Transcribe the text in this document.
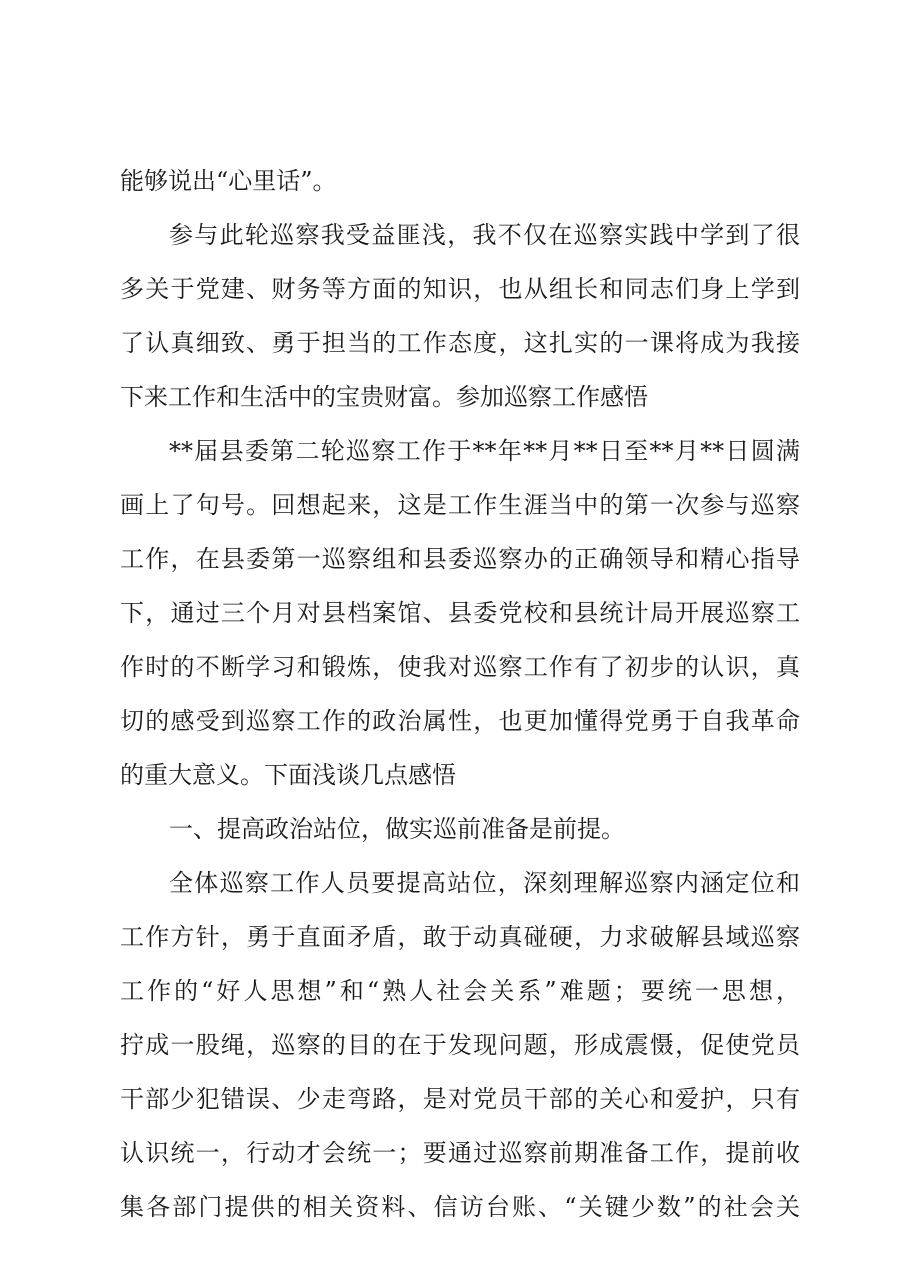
能够说出“心里话”。
参与此轮巡察我受益匪浅，我不仅在巡察实践中学到了很
多关于党建、财务等方面的知识，也从组长和同志们身上学到
了认真细致、勇于担当的工作态度，这扎实的一课将成为我接
下来工作和生活中的宝贵财富。参加巡察工作感悟
**届县委第二轮巡察工作于**年**月**日至**月**日圆满
画上了句号。回想起来，这是工作生涯当中的第一次参与巡察
工作，在县委第一巡察组和县委巡察办的正确领导和精心指导
下，通过三个月对县档案馆、县委党校和县统计局开展巡察工
作时的不断学习和锻炼，使我对巡察工作有了初步的认识，真
切的感受到巡察工作的政治属性，也更加懂得党勇于自我革命
的重大意义。下面浅谈几点感悟
一、提高政治站位，做实巡前准备是前提。
全体巡察工作人员要提高站位，深刻理解巡察内涵定位和
工作方针，勇于直面矛盾，敢于动真碰硬，力求破解县域巡察
工作的“好人思想”和“熟人社会关系”难题；要统一思想，
拧成一股绳，巡察的目的在于发现问题，形成震慑，促使党员
干部少犯错误、少走弯路，是对党员干部的关心和爱护，只有
认识统一，行动才会统一；要通过巡察前期准备工作，提前收
集各部门提供的相关资料、信访台账、“关键少数”的社会关
